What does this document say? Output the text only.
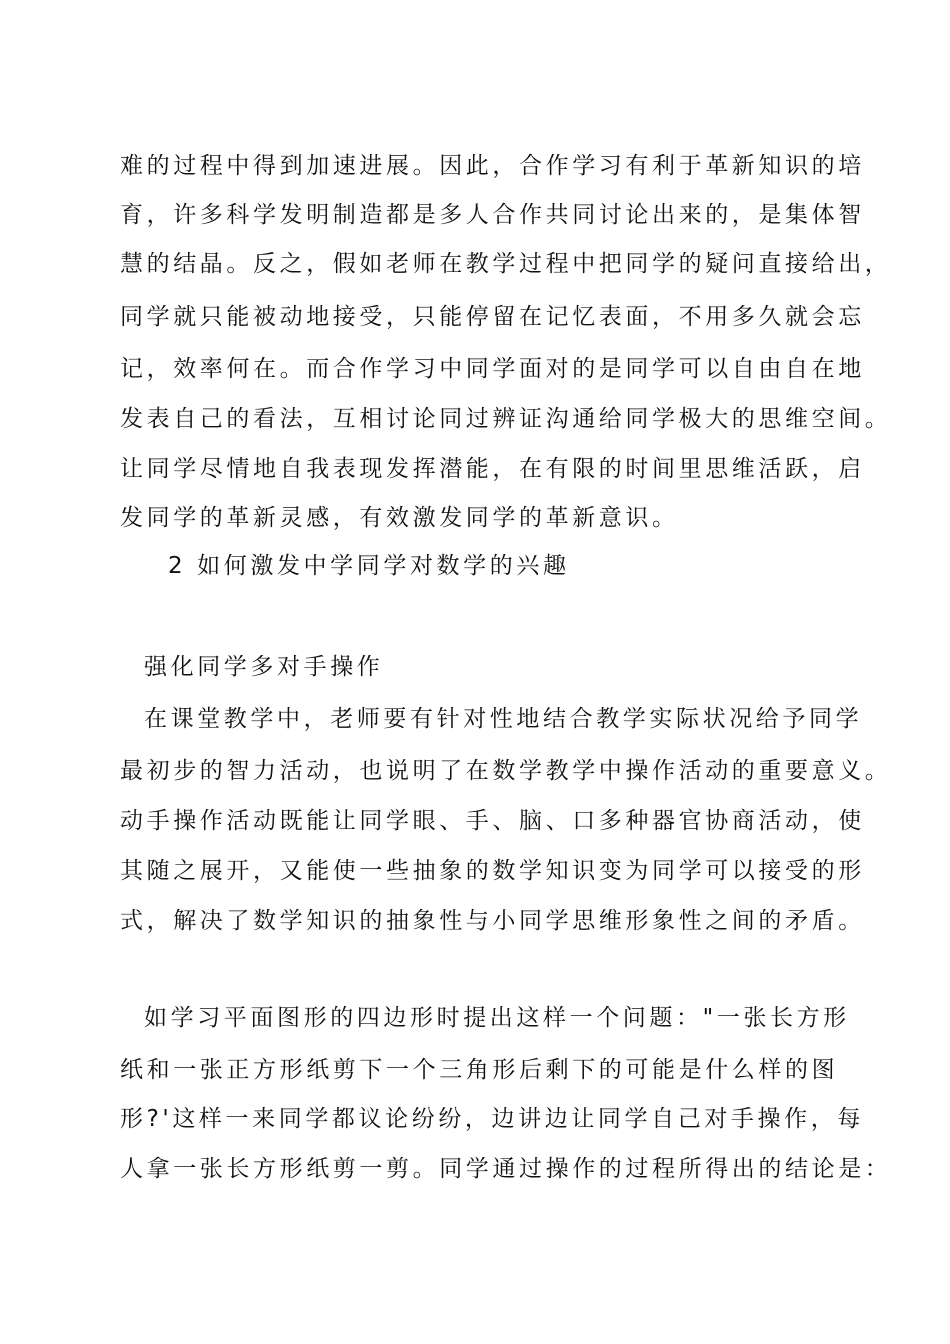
难的过程中得到加速进展。因此，合作学习有利于革新知识的培
育，许多科学发明制造都是多人合作共同讨论出来的，是集体智
慧的结晶。反之，假如老师在教学过程中把同学的疑问直接给出，
同学就只能被动地接受，只能停留在记忆表面，不用多久就会忘
记，效率何在。而合作学习中同学面对的是同学可以自由自在地
发表自己的看法，互相讨论同过辨证沟通给同学极大的思维空间。
让同学尽情地自我表现发挥潜能，在有限的时间里思维活跃，启
发同学的革新灵感，有效激发同学的革新意识。
2 如何激发中学同学对数学的兴趣
强化同学多对手操作
在课堂教学中，老师要有针对性地结合教学实际状况给予同学
最初步的智力活动，也说明了在数学教学中操作活动的重要意义。
动手操作活动既能让同学眼、手、脑、口多种器官协商活动，使
其随之展开，又能使一些抽象的数学知识变为同学可以接受的形
式，解决了数学知识的抽象性与小同学思维形象性之间的矛盾。
如学习平面图形的四边形时提出这样一个问题："一张长方形
纸和一张正方形纸剪下一个三角形后剩下的可能是什么样的图
形?'这样一来同学都议论纷纷，边讲边让同学自己对手操作，每
人拿一张长方形纸剪一剪。同学通过操作的过程所得出的结论是：
